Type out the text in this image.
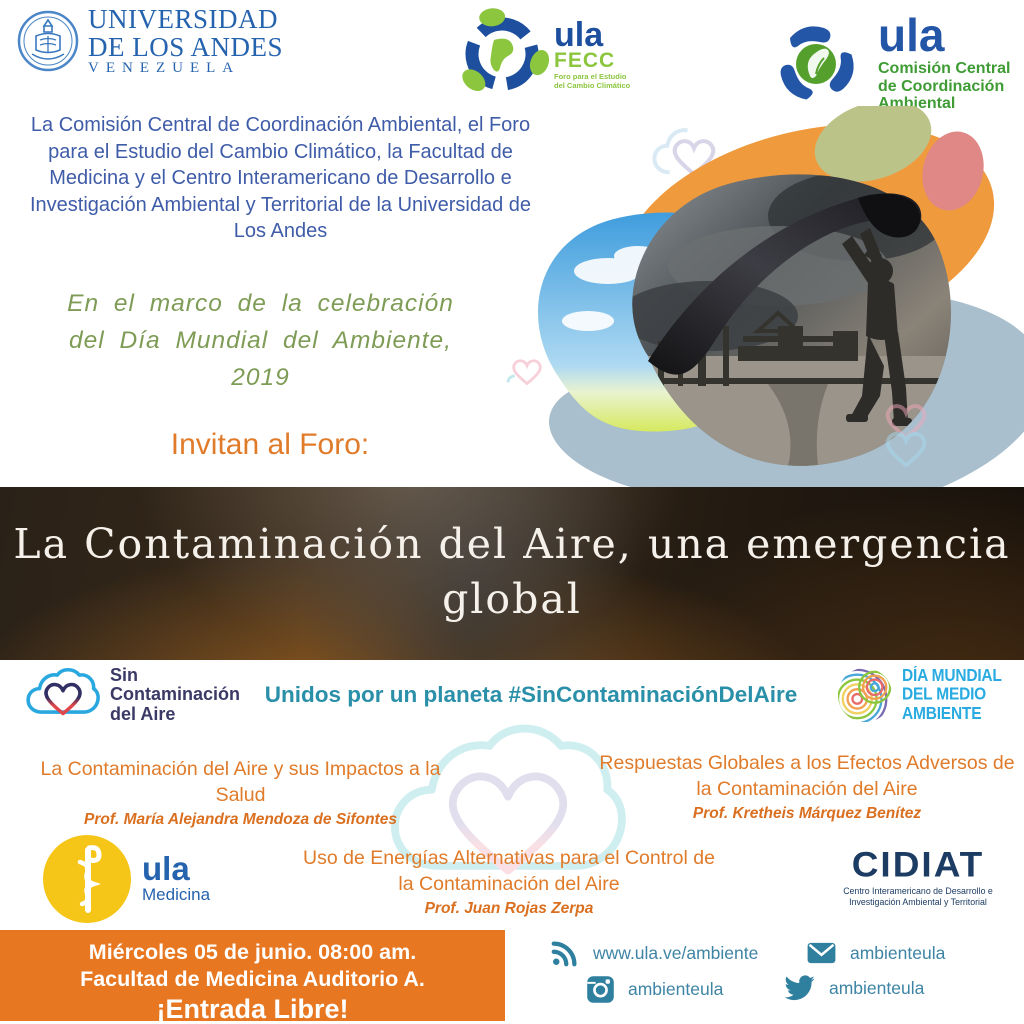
UNIVERSIDAD
DE LOS ANDES
VENEZUELA
ula
FECC
Foro para el Estudio
del Cambio Climático
ula
Comisión Central
de Coordinación
Ambiental
La Comisión Central de Coordinación Ambiental, el Foro para el Estudio del Cambio Climático, la Facultad de Medicina y el Centro Interamericano de Desarrollo e Investigación Ambiental y Territorial de la Universidad de Los Andes
En el marco de la celebración
del Día Mundial del Ambiente,
2019
Invitan al Foro:
La Contaminación del Aire, una emergencia
global
Sin
Contaminación
del Aire
Unidos por un planeta #SinContaminaciónDelAire
DÍA MUNDIAL
DEL MEDIO
AMBIENTE
La Contaminación del Aire y sus Impactos a la Salud
Prof. María Alejandra Mendoza de Sifontes
Respuestas Globales a los Efectos Adversos de la Contaminación del Aire
Prof. Kretheis Márquez Benítez
Uso de Energías Alternativas para el Control de la Contaminación del Aire
Prof. Juan Rojas Zerpa
ula
Medicina
CIDIAT
Centro Interamericano de Desarrollo e
Investigación Ambiental y Territorial
Miércoles 05 de junio. 08:00 am.
Facultad de Medicina Auditorio A.
¡Entrada Libre!
www.ula.ve/ambiente	ambienteula
ambienteula	ambienteula
